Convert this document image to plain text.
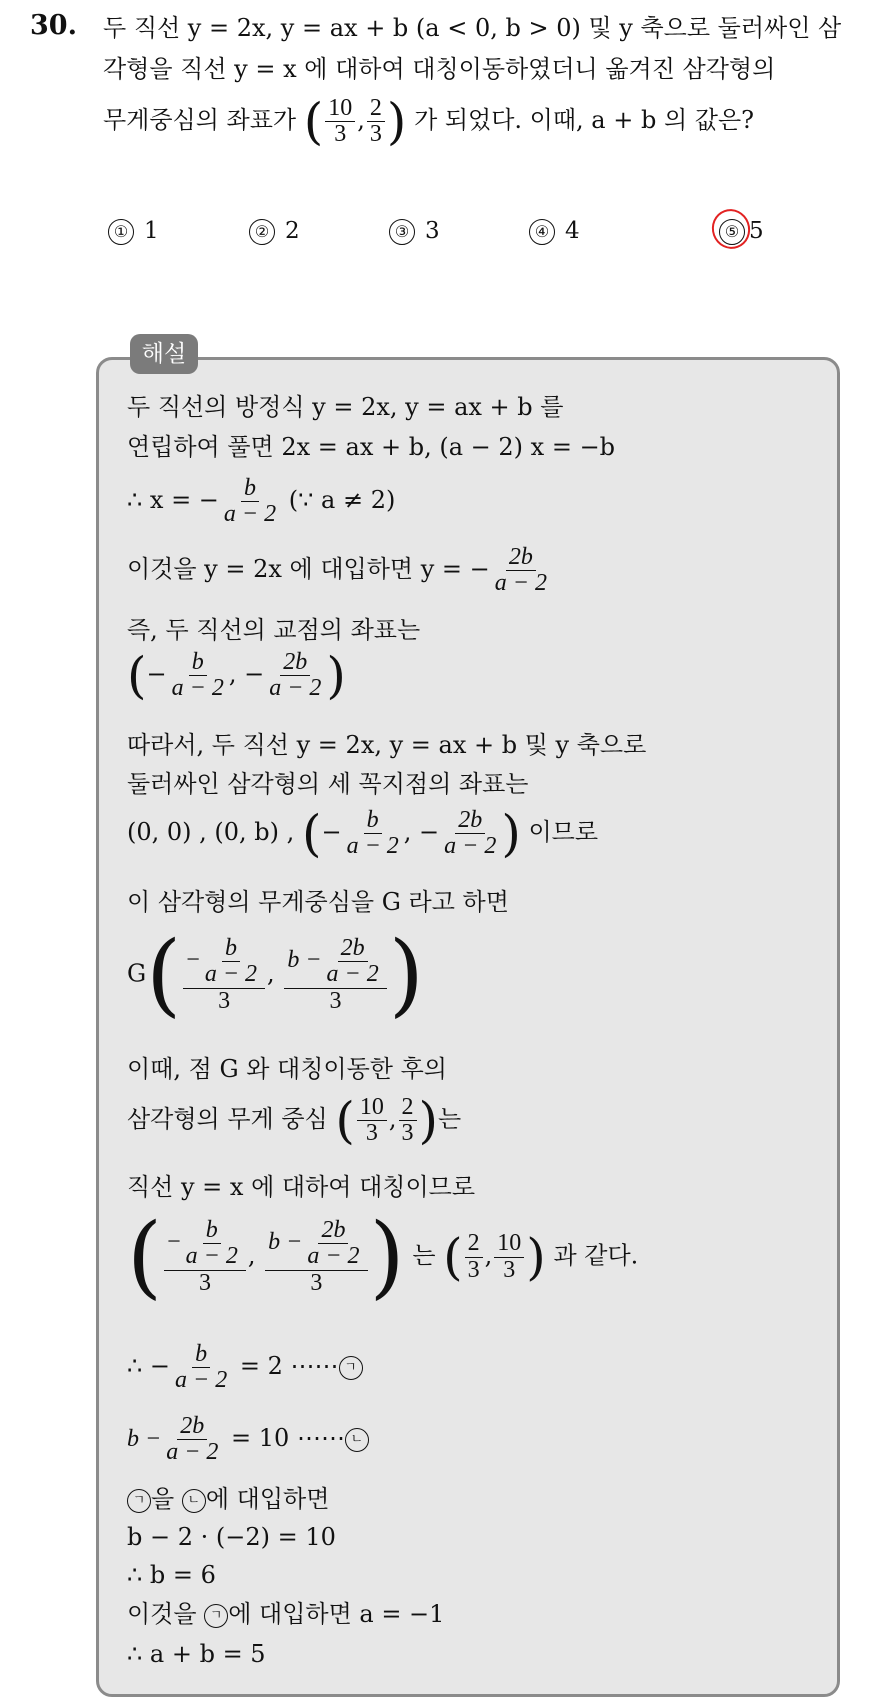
30. 두 직선 y = 2x, y = ax + b (a < 0, b > 0) 및 y 축으로 둘러싸인 삼
각형을 직선 y = x 에 대하여 대칭이동하였더니 옮겨진 삼각형의
무게중심의 좌표가 ( $\frac{10}{3}$ , $\frac{2}{3}$ ) 가 되었다. 이때, a + b 의 값은?
① 1	② 2	③ 3	④ 4	⑤ 5
해설
두 직선의 방정식 y = 2x, y = ax + b 를
연립하여 풀면 2x = ax + b, (a − 2) x = −b
∴ x = − $\frac{b}{a - 2}$ (∵ a ≠ 2)
이것을 y = 2x 에 대입하면 y = − $\frac{2b}{a - 2}$
즉, 두 직선의 교점의 좌표는
(− $\frac{b}{a - 2}$ , − $\frac{2b}{a - 2}$ )
따라서, 두 직선 y = 2x, y = ax + b 및 y 축으로
둘러싸인 삼각형의 세 꼭지점의 좌표는
(0, 0) , (0, b) , (− $\frac{b}{a - 2}$ , − $\frac{2b}{a - 2}$ ) 이므로
이 삼각형의 무게중심을 G 라고 하면
$G( \frac{- \frac{b}{a - 2}}{3}$ , $\frac{b - \frac{2b}{a - 2}}{3}$ )
이때, 점 G 와 대칭이동한 후의
삼각형의 무게 중심 ( $\frac{10}{3}$ , $\frac{2}{3}$ )는
직선 y = x 에 대하여 대칭이므로
( $\frac{- \frac{b}{a - 2}}{3}$ , $\frac{b - \frac{2b}{a - 2}}{3}$ ) 는 ( $\frac{2}{3}$ , $\frac{10}{3}$ ) 과 같다.
∴ − $\frac{b}{a - 2} = 2$ ⋯⋯ ㄱ
$b - \frac{2b}{a - 2} = 10$ ⋯⋯ ㄴ
ㄱ 을 ㄴ 에 대입하면
b − 2 · (−2) = 10
∴ b = 6
이것을 ㄱ 에 대입하면 a = −1
∴ a + b = 5
